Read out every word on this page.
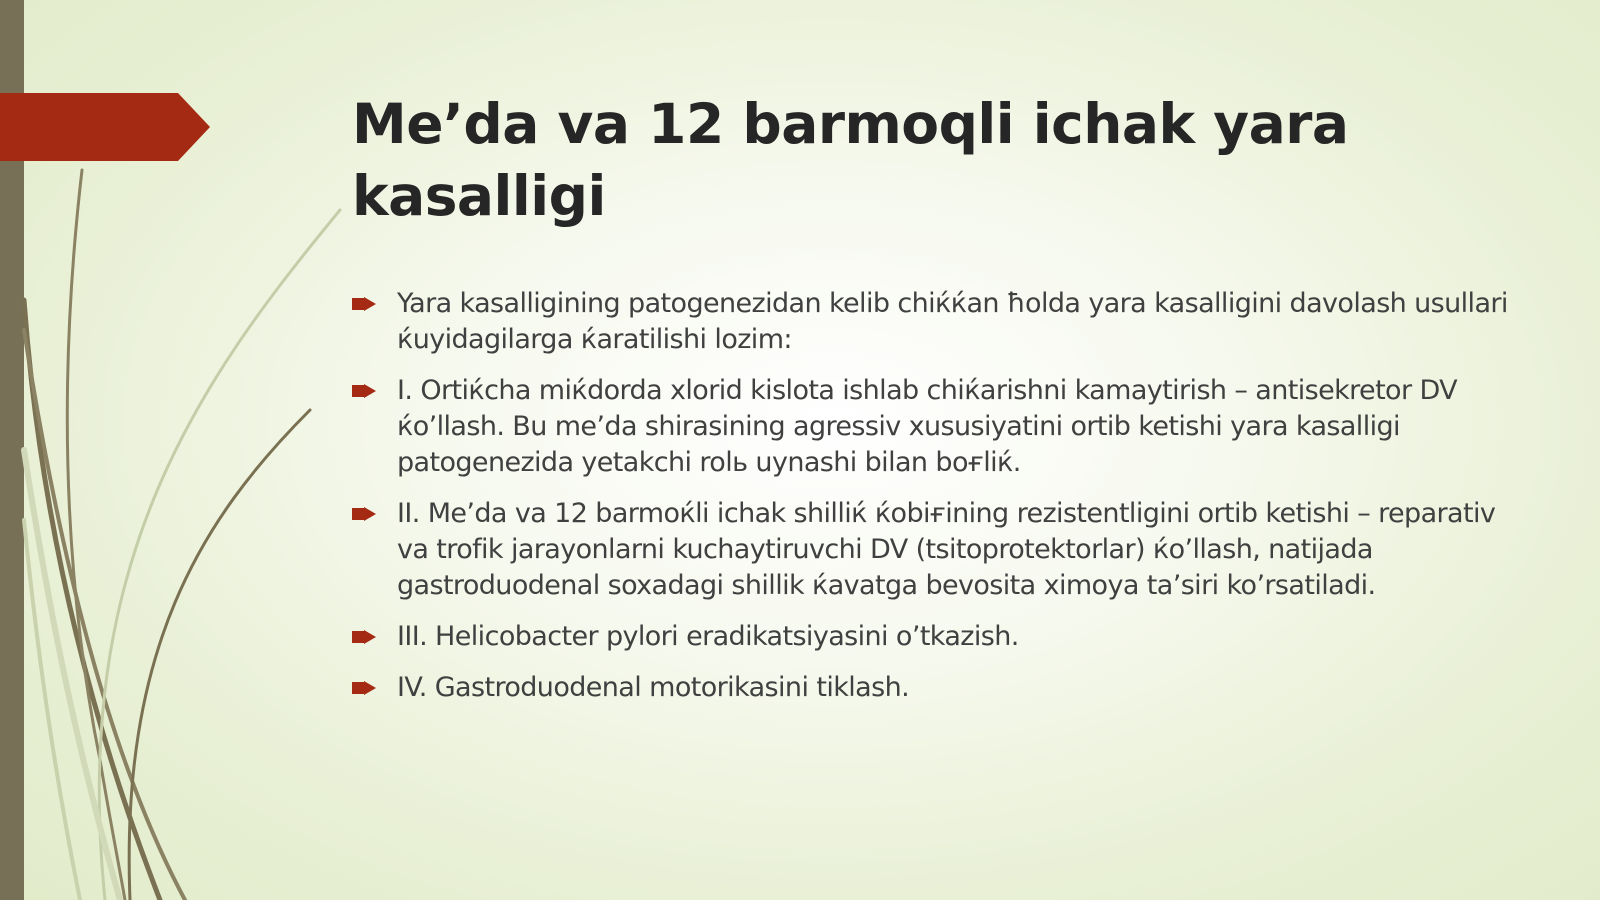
Me’da va 12 barmoqli ichak yara kasalligi
Yara kasalligining patogenezidan kelib chiќќan ħolda yara kasalligini davolash usullari ќuyidagilarga ќaratilishi lozim:
I. Ortiќcha miќdorda xlorid kislota ishlab chiќarishni kamaytirish – antisekretor DV ќo’llash. Bu me’da shirasining agressiv xususiyatini ortib ketishi yara kasalligi patogenezida yetakchi rolь uynashi bilan boғliќ.
II. Me’da va 12 barmoќli ichak shilliќ ќobiғining rezistentligini ortib ketishi – reparativ va trofik jarayonlarni kuchaytiruvchi DV (tsitoprotektorlar) ќo’llash, natijada gastroduodenal soxadagi shillik ќavatga bevosita ximoya ta’siri ko’rsatiladi.
III. Helicobacter pylori eradikatsiyasini o’tkazish.
IV. Gastroduodenal motorikasini tiklash.
